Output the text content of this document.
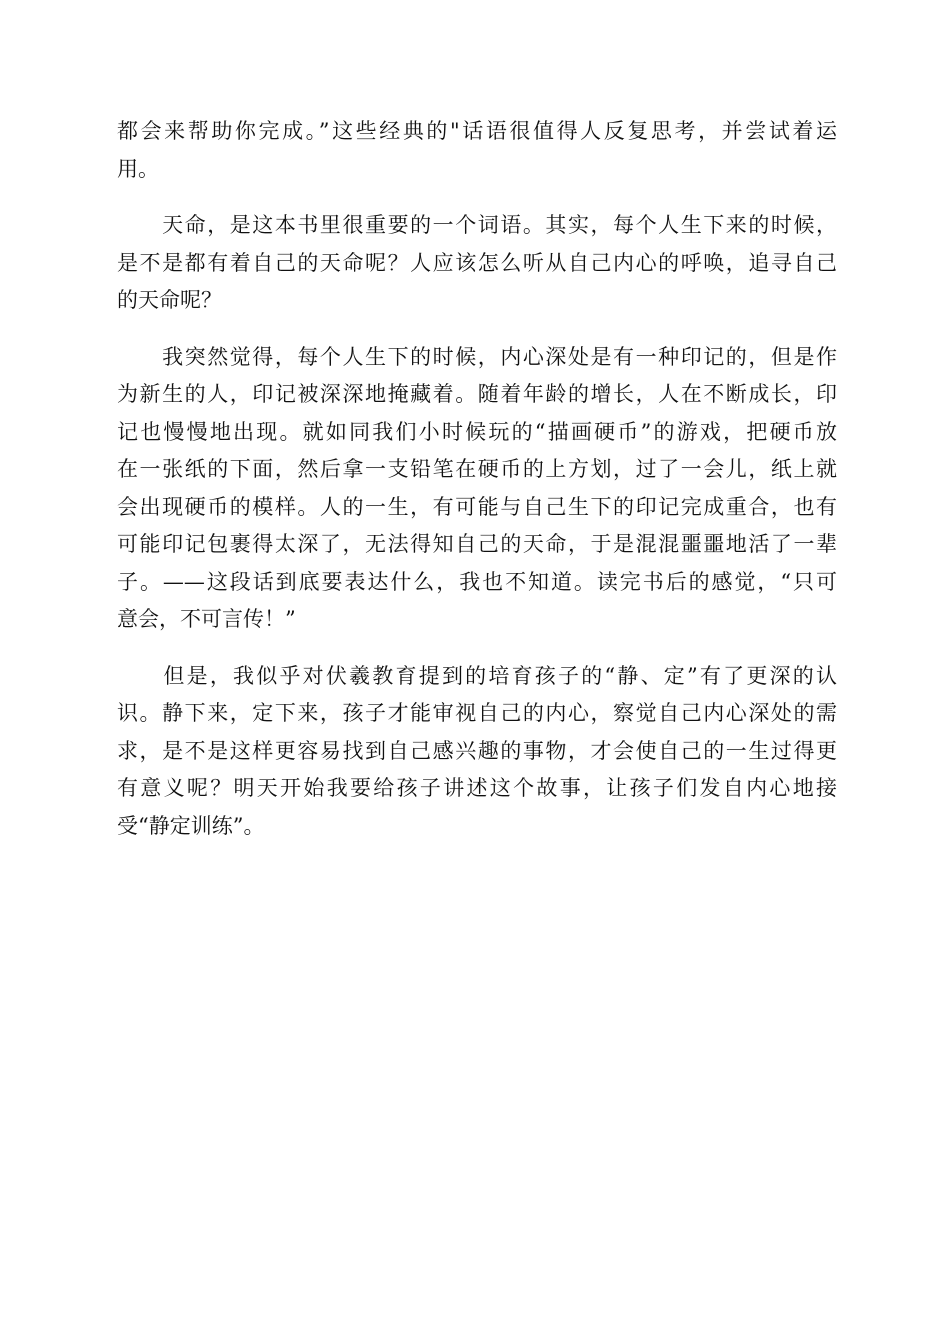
都会来帮助你完成。”这些经典的"话语很值得人反复思考，并尝试着运
用。

　　天命，是这本书里很重要的一个词语。其实，每个人生下来的时候，
是不是都有着自己的天命呢？人应该怎么听从自己内心的呼唤，追寻自己
的天命呢？

　　我突然觉得，每个人生下的时候，内心深处是有一种印记的，但是作
为新生的人，印记被深深地掩藏着。随着年龄的增长，人在不断成长，印
记也慢慢地出现。就如同我们小时候玩的“描画硬币”的游戏，把硬币放
在一张纸的下面，然后拿一支铅笔在硬币的上方划，过了一会儿，纸上就
会出现硬币的模样。人的一生，有可能与自己生下的印记完成重合，也有
可能印记包裹得太深了，无法得知自己的天命，于是混混噩噩地活了一辈
子。——这段话到底要表达什么，我也不知道。读完书后的感觉，“只可
意会，不可言传！”

　　但是，我似乎对伏羲教育提到的培育孩子的“静、定”有了更深的认
识。静下来，定下来，孩子才能审视自己的内心，察觉自己内心深处的需
求，是不是这样更容易找到自己感兴趣的事物，才会使自己的一生过得更
有意义呢？明天开始我要给孩子讲述这个故事，让孩子们发自内心地接
受“静定训练”。
